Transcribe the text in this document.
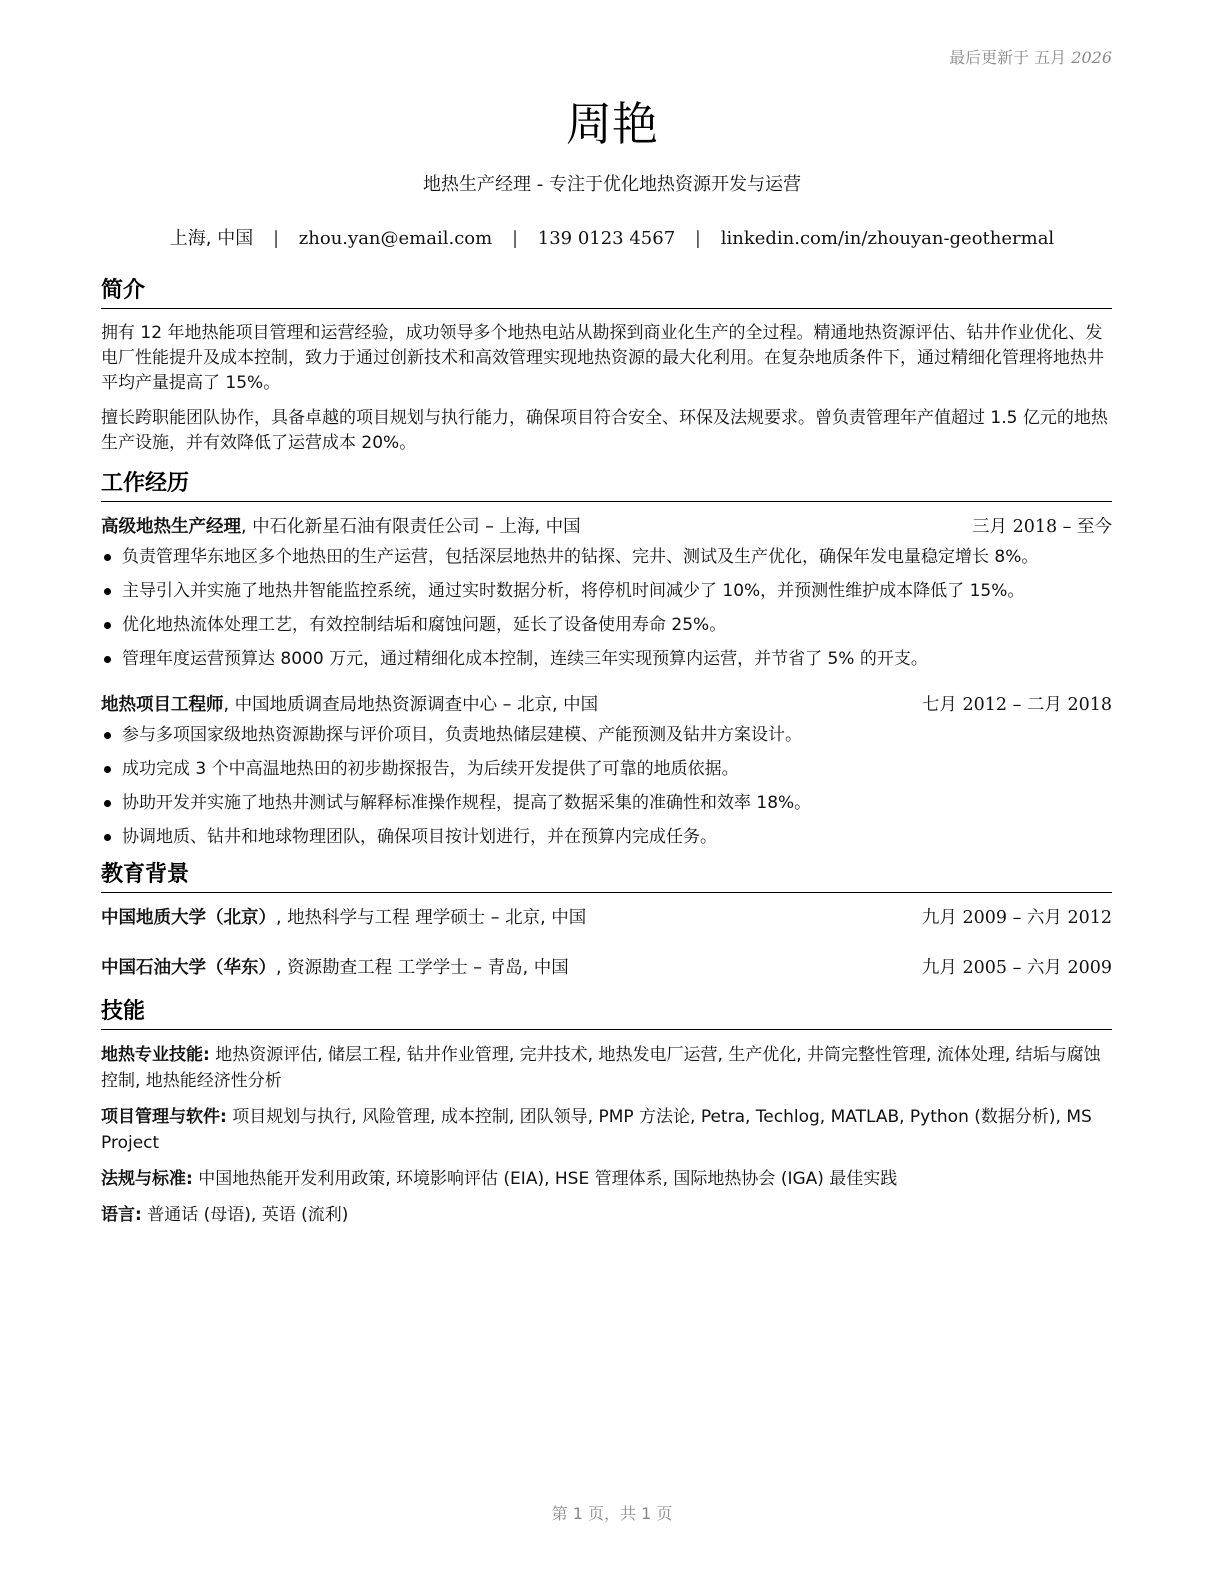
最后更新于 五月 2026
周艳
地热生产经理 - 专注于优化地热资源开发与运营
上海, 中国 | zhou.yan@email.com | 139 0123 4567 | linkedin.com/in/zhouyan-geothermal
简介

拥有 12 年地热能项目管理和运营经验，成功领导多个地热电站从勘探到商业化生产的全过程。精通地热资源评估、钻井作业优化、发电厂性能提升及成本控制，致力于通过创新技术和高效管理实现地热资源的最大化利用。在复杂地质条件下，通过精细化管理将地热井平均产量提高了 15%。

擅长跨职能团队协作，具备卓越的项目规划与执行能力，确保项目符合安全、环保及法规要求。曾负责管理年产值超过 1.5 亿元的地热生产设施，并有效降低了运营成本 20%。

工作经历
高级地热生产经理, 中石化新星石油有限责任公司 – 上海, 中国	三月 2018 – 至今
负责管理华东地区多个地热田的生产运营，包括深层地热井的钻探、完井、测试及生产优化，确保年发电量稳定增长 8%。
主导引入并实施了地热井智能监控系统，通过实时数据分析，将停机时间减少了 10%，并预测性维护成本降低了 15%。
优化地热流体处理工艺，有效控制结垢和腐蚀问题，延长了设备使用寿命 25%。
管理年度运营预算达 8000 万元，通过精细化成本控制，连续三年实现预算内运营，并节省了 5% 的开支。
地热项目工程师, 中国地质调查局地热资源调查中心 – 北京, 中国	七月 2012 – 二月 2018
参与多项国家级地热资源勘探与评价项目，负责地热储层建模、产能预测及钻井方案设计。
成功完成 3 个中高温地热田的初步勘探报告，为后续开发提供了可靠的地质依据。
协助开发并实施了地热井测试与解释标准操作规程，提高了数据采集的准确性和效率 18%。
协调地质、钻井和地球物理团队，确保项目按计划进行，并在预算内完成任务。
教育背景
中国地质大学（北京）, 地热科学与工程 理学硕士 – 北京, 中国	九月 2009 – 六月 2012
中国石油大学（华东）, 资源勘查工程 工学学士 – 青岛, 中国	九月 2005 – 六月 2009
技能

地热专业技能: 地热资源评估, 储层工程, 钻井作业管理, 完井技术, 地热发电厂运营, 生产优化, 井筒完整性管理, 流体处理, 结垢与腐蚀控制, 地热能经济性分析

项目管理与软件: 项目规划与执行, 风险管理, 成本控制, 团队领导, PMP 方法论, Petra, Techlog, MATLAB, Python (数据分析), MS Project

法规与标准: 中国地热能开发利用政策, 环境影响评估 (EIA), HSE 管理体系, 国际地热协会 (IGA) 最佳实践

语言: 普通话 (母语), 英语 (流利)

第 1 页，共 1 页
